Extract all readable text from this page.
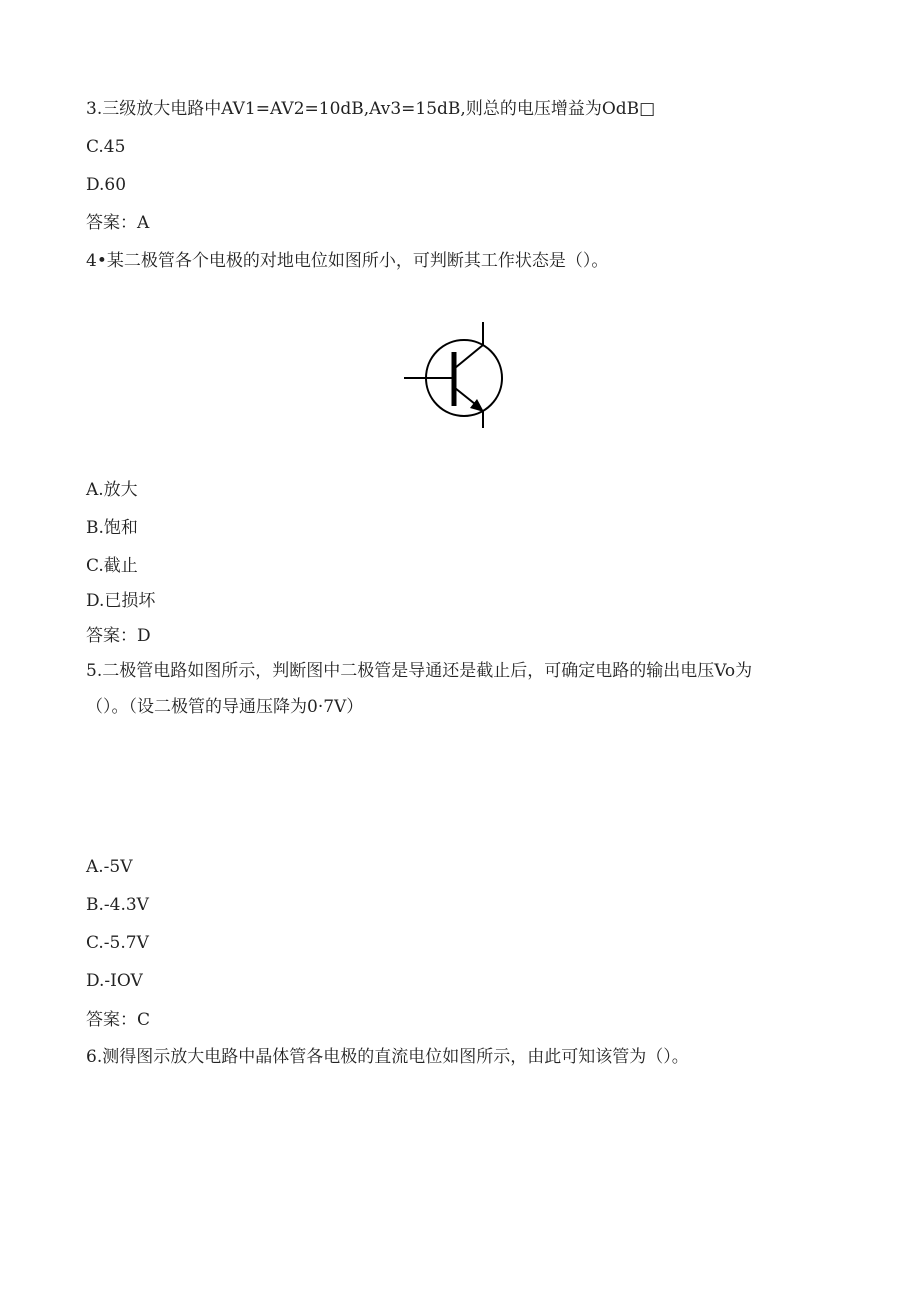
3.三级放大电路中AV1=AV2=10dB,Av3=15dB,则总的电压增益为OdB□
C.45
D.60
答案：A
4•某二极管各个电极的对地电位如图所小，可判断其工作状态是（）。
A.放大
B.饱和
C.截止
D.已损坏
答案：D
5.二极管电路如图所示，判断图中二极管是导通还是截止后，可确定电路的输出电压Vo为
（）。（设二极管的导通压降为0·7V）
A.-5V
B.-4.3V
C.-5.7V
D.-IOV
答案：C
6.测得图示放大电路中晶体管各电极的直流电位如图所示，由此可知该管为（）。
